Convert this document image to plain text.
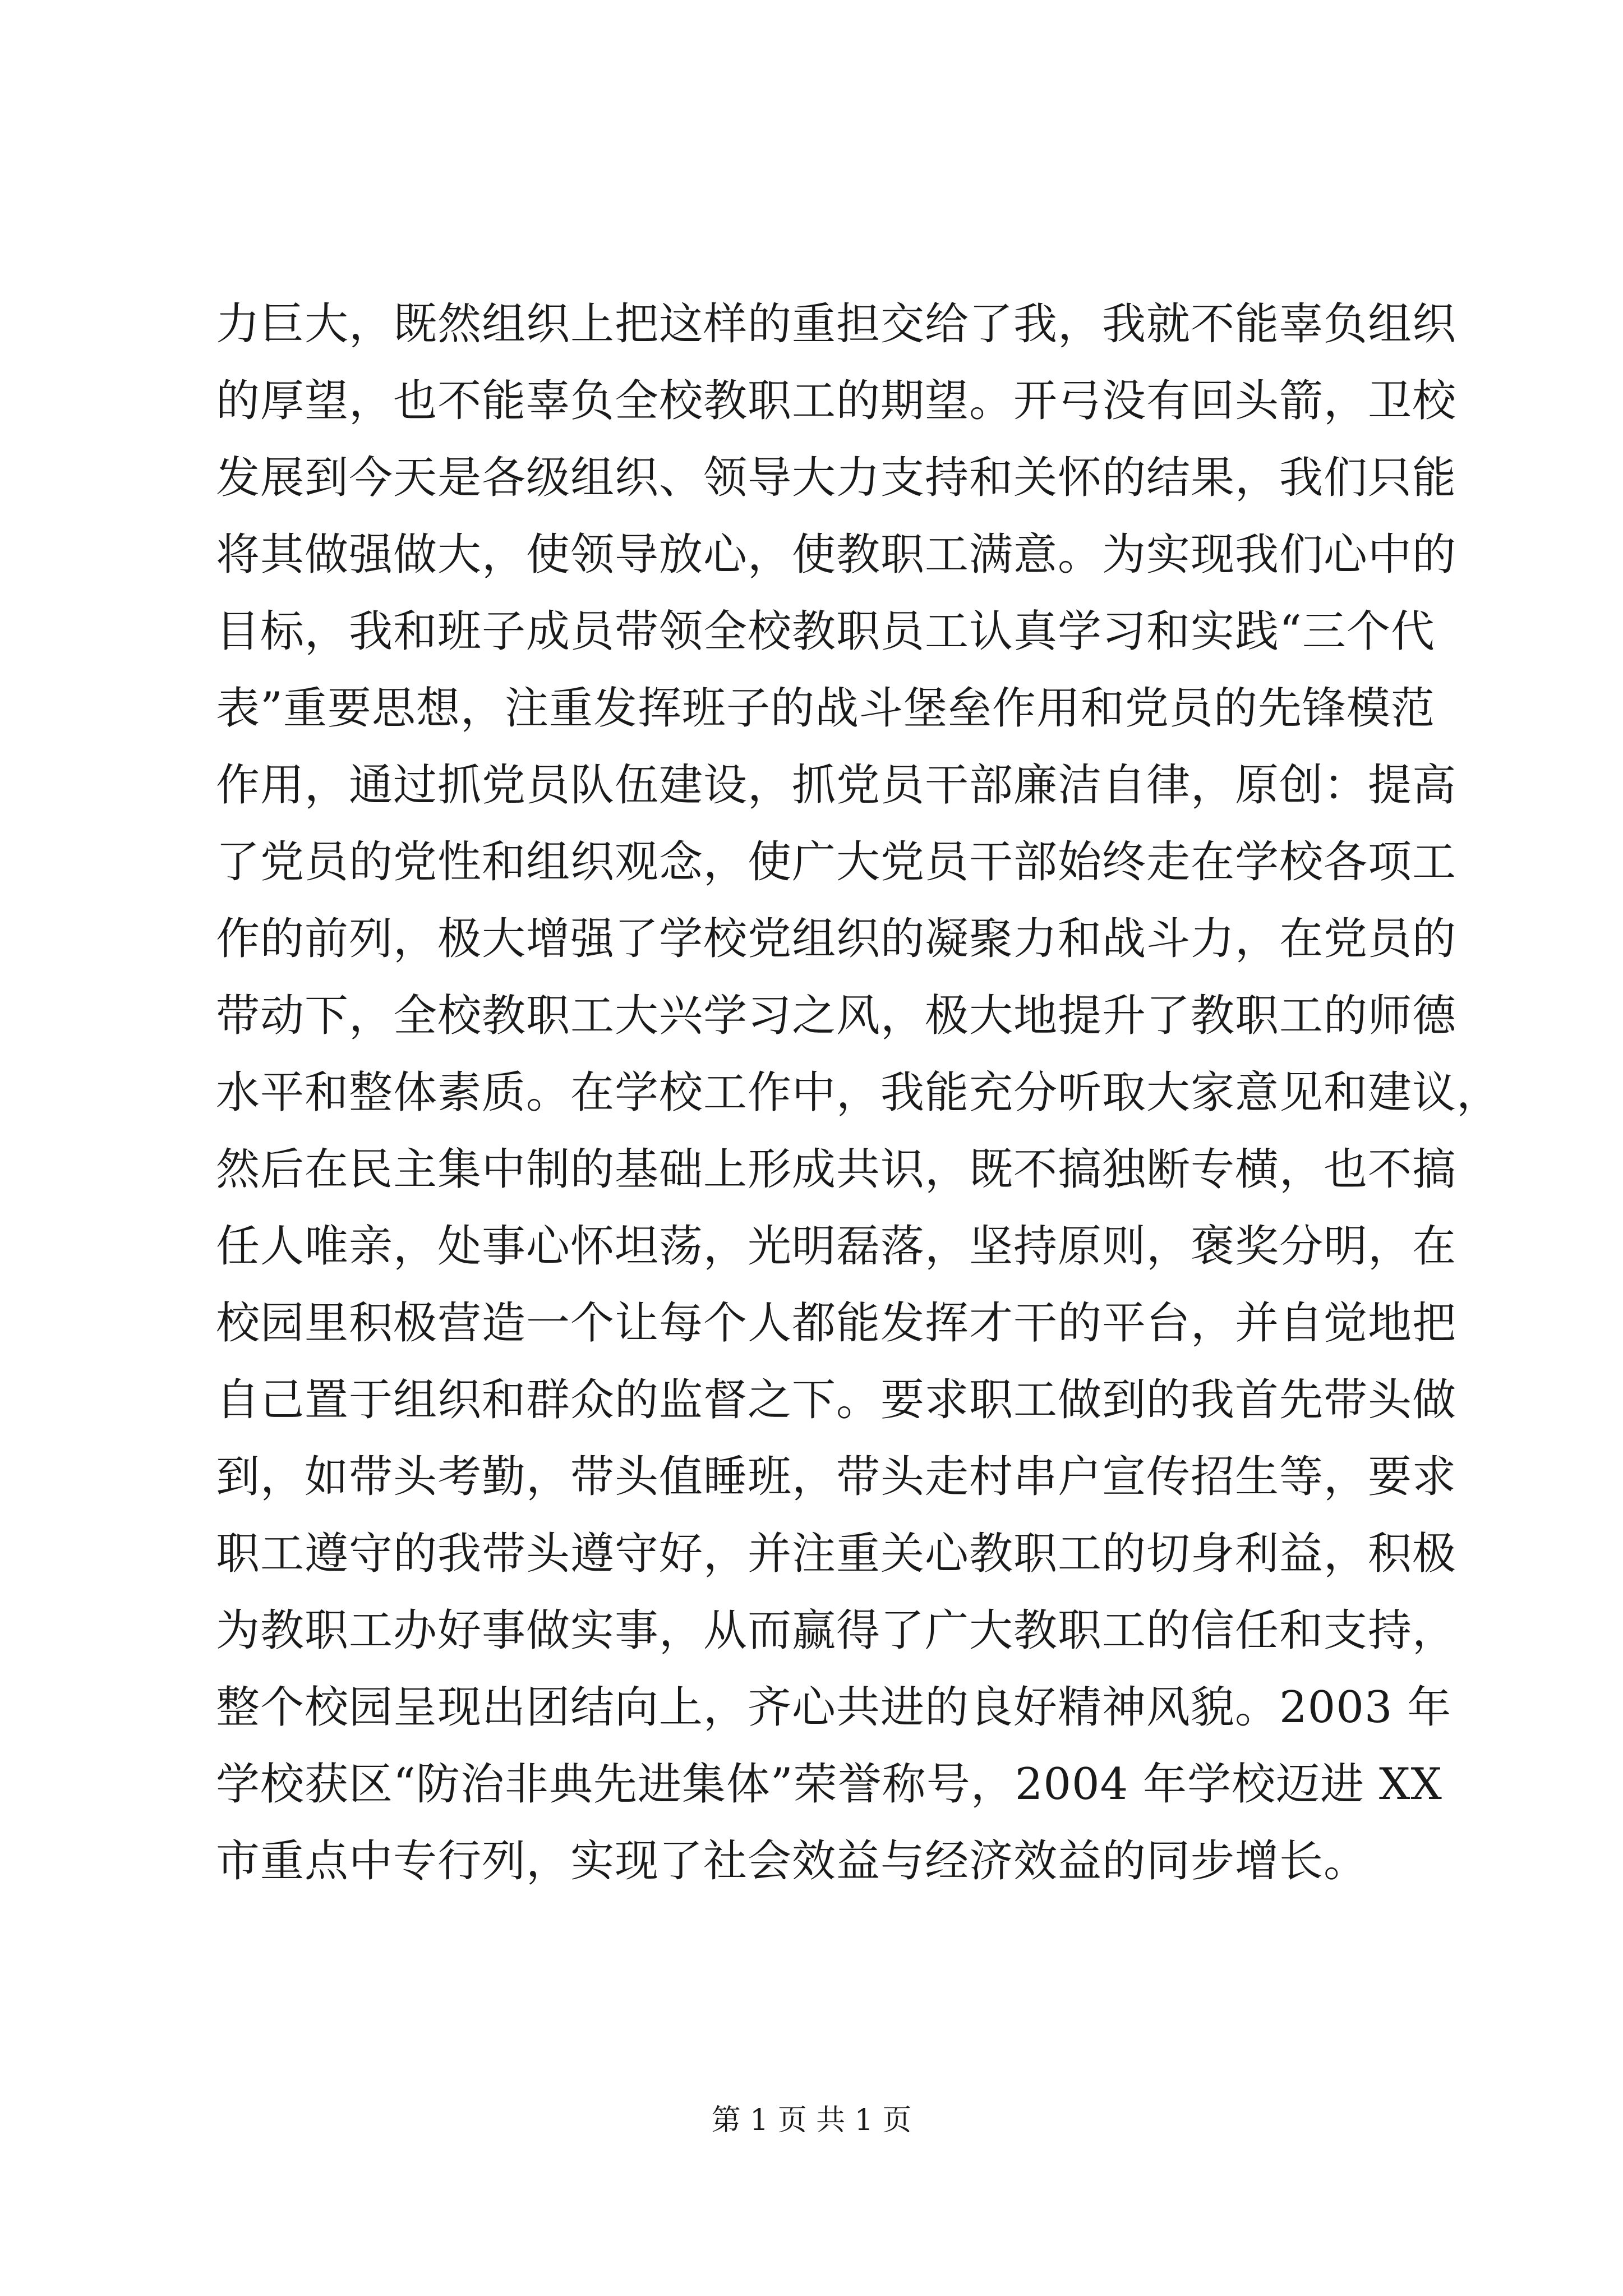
力巨大，既然组织上把这样的重担交给了我，我就不能辜负组织
的厚望，也不能辜负全校教职工的期望。开弓没有回头箭，卫校
发展到今天是各级组织、领导大力支持和关怀的结果，我们只能
将其做强做大，使领导放心，使教职工满意。为实现我们心中的
目标，我和班子成员带领全校教职员工认真学习和实践“三个代
表”重要思想，注重发挥班子的战斗堡垒作用和党员的先锋模范
作用，通过抓党员队伍建设，抓党员干部廉洁自律，原创：提高
了党员的党性和组织观念，使广大党员干部始终走在学校各项工
作的前列，极大增强了学校党组织的凝聚力和战斗力，在党员的
带动下，全校教职工大兴学习之风，极大地提升了教职工的师德
水平和整体素质。在学校工作中，我能充分听取大家意见和建议，
然后在民主集中制的基础上形成共识，既不搞独断专横，也不搞
任人唯亲，处事心怀坦荡，光明磊落，坚持原则，褒奖分明，在
校园里积极营造一个让每个人都能发挥才干的平台，并自觉地把
自己置于组织和群众的监督之下。要求职工做到的我首先带头做
到，如带头考勤，带头值睡班，带头走村串户宣传招生等，要求
职工遵守的我带头遵守好，并注重关心教职工的切身利益，积极
为教职工办好事做实事，从而赢得了广大教职工的信任和支持，
整个校园呈现出团结向上，齐心共进的良好精神风貌。2003 年
学校获区“防治非典先进集体”荣誉称号，2004 年学校迈进 XX
市重点中专行列，实现了社会效益与经济效益的同步增长。
第 1 页 共 1 页
